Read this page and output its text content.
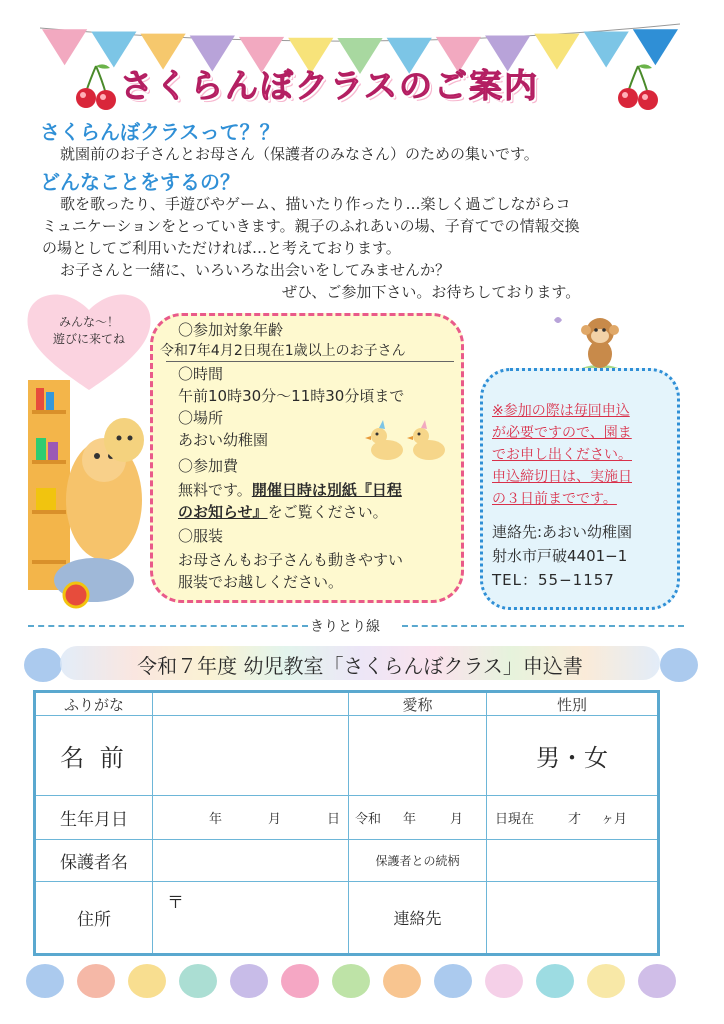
さくらんぼクラスのご案内
さくらんぼクラスって？？
就園前のお子さんとお母さん（保護者のみなさん）のための集いです。
どんなことをするの？
歌を歌ったり、手遊びやゲーム、描いたり作ったり…楽しく過ごしながらコ
ミュニケーションをとっていきます。親子のふれあいの場、子育てでの情報交換
の場としてご利用いただければ…と考えております。
お子さんと一緒に、いろいろな出会いをしてみませんか？
ぜひ、ご参加下さい。お待ちしております。
みんな〜！
遊びに来てね	〇参加対象年齢
令和7年4月2日現在1歳以上のお子さん
〇時間
午前10時30分〜11時30分頃まで
〇場所
あおい幼稚園
〇参加費
無料です。開催日時は別紙『日程
のお知らせ』をご覧ください。
〇服装
お母さんもお子さんも動きやすい
服装でお越しください。
※参加の際は毎回申込
が必要ですので、園ま
でお申し出ください。
申込締切日は、実施日
の３日前までです。
連絡先:あおい幼稚園
射水市戸破4401−1
TEL：55−1157
きりとり線
令和７年度 幼児教室「さくらんぼクラス」申込書
ふりがな		愛称	性別
名 前			男・女
生年月日	年 月 日	令和 年 月	日現在 才 ヶ月
保護者名		保護者との続柄	
住所	〒	連絡先	
